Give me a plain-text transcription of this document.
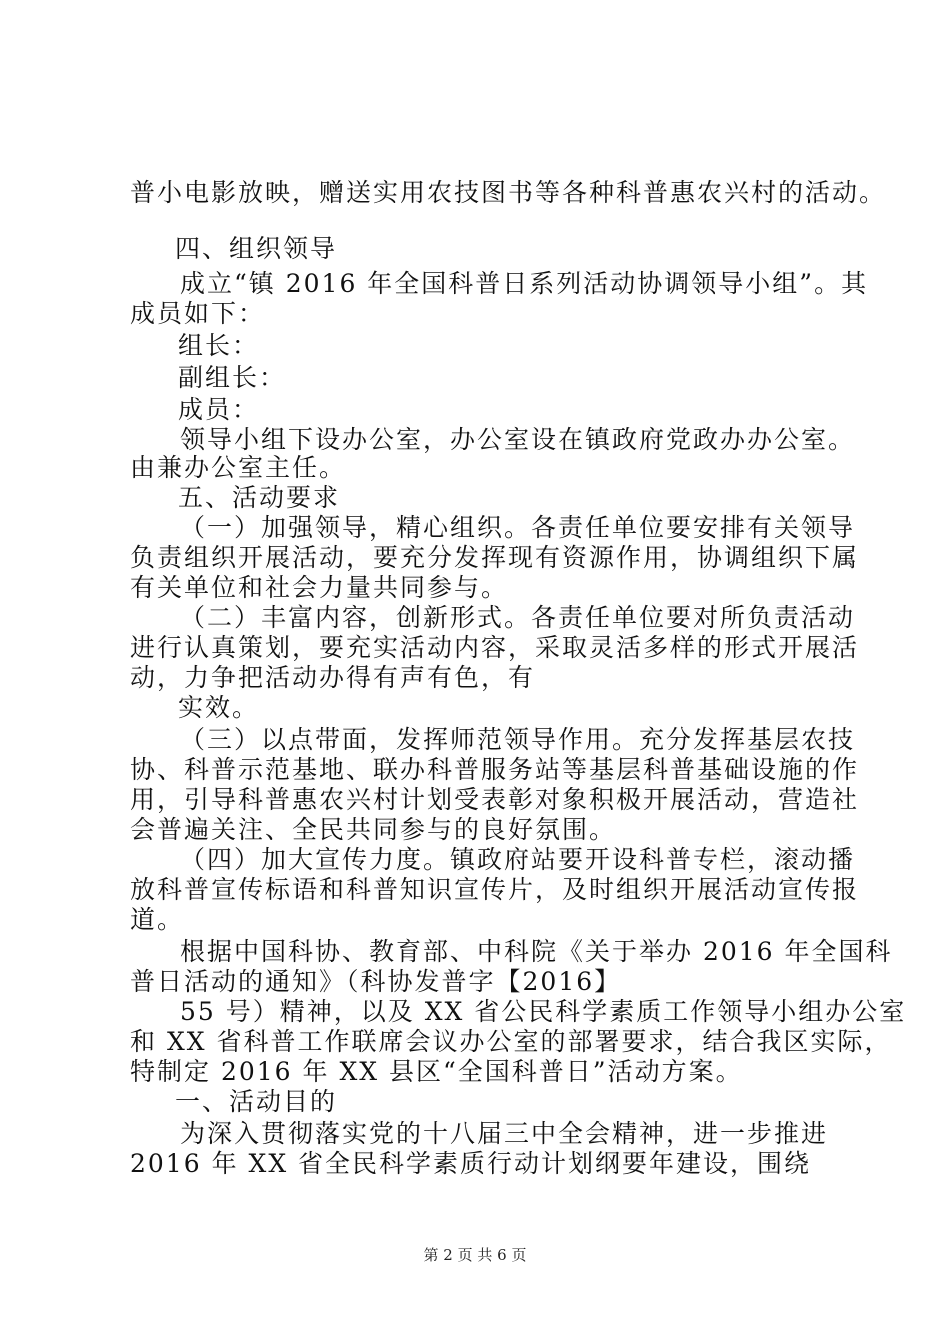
普小电影放映，赠送实用农技图书等各种科普惠农兴村的活动。
四、组织领导
成立“镇 2016 年全国科普日系列活动协调领导小组”。其
成员如下：
组长：
副组长：
成员：
领导小组下设办公室，办公室设在镇政府党政办办公室。
由兼办公室主任。
五、活动要求
（一）加强领导，精心组织。各责任单位要安排有关领导
负责组织开展活动，要充分发挥现有资源作用，协调组织下属
有关单位和社会力量共同参与。
（二）丰富内容，创新形式。各责任单位要对所负责活动
进行认真策划，要充实活动内容，采取灵活多样的形式开展活
动，力争把活动办得有声有色，有
实效。
（三）以点带面，发挥师范领导作用。充分发挥基层农技
协、科普示范基地、联办科普服务站等基层科普基础设施的作
用，引导科普惠农兴村计划受表彰对象积极开展活动，营造社
会普遍关注、全民共同参与的良好氛围。
（四）加大宣传力度。镇政府站要开设科普专栏，滚动播
放科普宣传标语和科普知识宣传片，及时组织开展活动宣传报
道。
根据中国科协、教育部、中科院《关于举办 2016 年全国科
普日活动的通知》（科协发普字【2016】
55 号）精神，以及 XX 省公民科学素质工作领导小组办公室
和 XX 省科普工作联席会议办公室的部署要求，结合我区实际，
特制定 2016 年 XX 县区“全国科普日”活动方案。
一、活动目的
为深入贯彻落实党的十八届三中全会精神，进一步推进
2016 年 XX 省全民科学素质行动计划纲要年建设，围绕
第 2 页 共 6 页
